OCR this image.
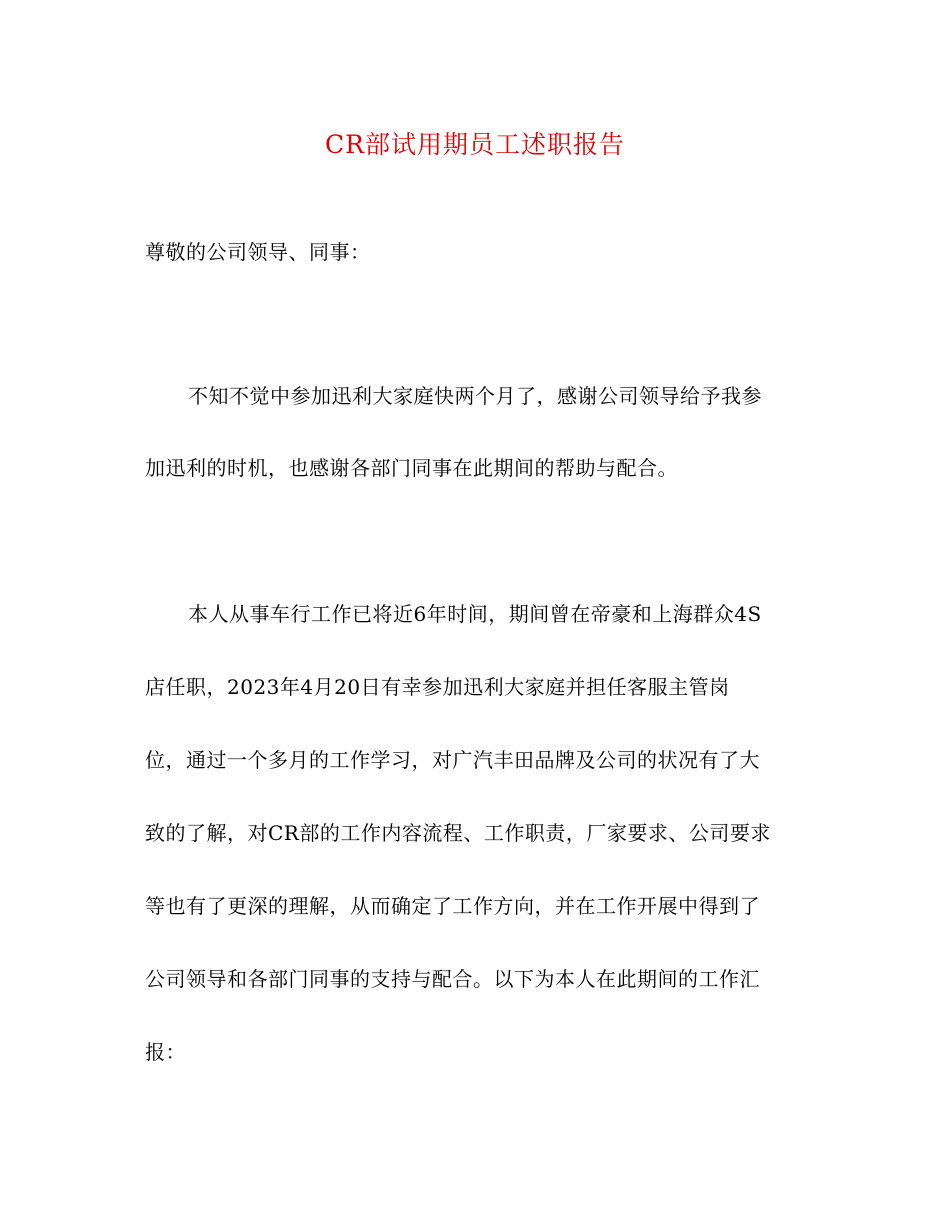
CR部试用期员工述职报告
尊敬的公司领导、同事：
不知不觉中参加迅利大家庭快两个月了，感谢公司领导给予我参
加迅利的时机，也感谢各部门同事在此期间的帮助与配合。
本人从事车行工作已将近6年时间，期间曾在帝豪和上海群众4S
店任职，2023年4月20日有幸参加迅利大家庭并担任客服主管岗
位，通过一个多月的工作学习，对广汽丰田品牌及公司的状况有了大
致的了解，对CR部的工作内容流程、工作职责，厂家要求、公司要求
等也有了更深的理解，从而确定了工作方向，并在工作开展中得到了
公司领导和各部门同事的支持与配合。以下为本人在此期间的工作汇
报：
